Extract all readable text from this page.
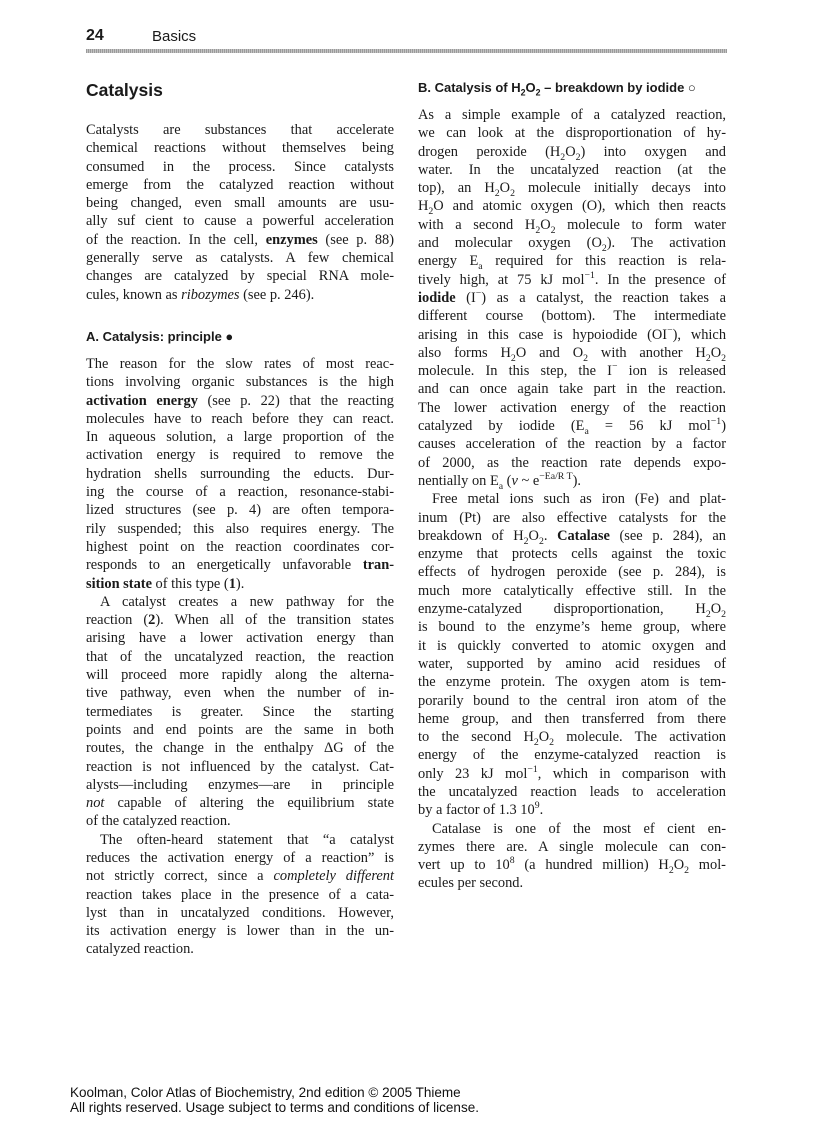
24	Basics
Catalysis
Catalysts are substances that accelerate
chemical reactions without themselves being
consumed in the process. Since catalysts
emerge from the catalyzed reaction without
being changed, even small amounts are usu-
ally suf cient to cause a powerful acceleration
of the reaction. In the cell, enzymes (see p. 88)
generally serve as catalysts. A few chemical
changes are catalyzed by special RNA mole-
cules, known as ribozymes (see p. 246).
A. Catalysis: principle ●
The reason for the slow rates of most reac-
tions involving organic substances is the high
activation energy (see p. 22) that the reacting
molecules have to reach before they can react.
In aqueous solution, a large proportion of the
activation energy is required to remove the
hydration shells surrounding the educts. Dur-
ing the course of a reaction, resonance-stabi-
lized structures (see p. 4) are often tempora-
rily suspended; this also requires energy. The
highest point on the reaction coordinates cor-
responds to an energetically unfavorable tran-
sition state of this type (1).
A catalyst creates a new pathway for the
reaction (2). When all of the transition states
arising have a lower activation energy than
that of the uncatalyzed reaction, the reaction
will proceed more rapidly along the alterna-
tive pathway, even when the number of in-
termediates is greater. Since the starting
points and end points are the same in both
routes, the change in the enthalpy ΔG of the
reaction is not influenced by the catalyst. Cat-
alysts—including enzymes—are in principle
not capable of altering the equilibrium state
of the catalyzed reaction.
The often-heard statement that “a catalyst
reduces the activation energy of a reaction” is
not strictly correct, since a completely different
reaction takes place in the presence of a cata-
lyst than in uncatalyzed conditions. However,
its activation energy is lower than in the un-
catalyzed reaction.
B. Catalysis of $H_2O_2$ – breakdown by iodide ○
As a simple example of a catalyzed reaction,
we can look at the disproportionation of hy-
drogen peroxide $(H_2O_2)$ into oxygen and
water. In the uncatalyzed reaction (at the
top), an $H_2O_2$ molecule initially decays into
$H_2O$ and atomic oxygen (O), which then reacts
with a second $H_2O_2$ molecule to form water
and molecular oxygen $(O_2)$. The activation
energy $E_a$ required for this reaction is rela-
tively high, at 75 kJ mol$^{-1}$. In the presence of
iodide (I−) as a catalyst, the reaction takes a
different course (bottom). The intermediate
arising in this case is hypoiodide (OI−), which
also forms $H_2O$ and $O_2$ with another $H_2O_2$
molecule. In this step, the I− ion is released
and can once again take part in the reaction.
The lower activation energy of the reaction
catalyzed by iodide ($E_a = 56$ kJ mol$^{-1}$)
causes acceleration of the reaction by a factor
of 2000, as the reaction rate depends expo-
nentially on $E_a$ (v ~ $e^{-Ea/R T}$).
Free metal ions such as iron (Fe) and plat-
inum (Pt) are also effective catalysts for the
breakdown of $H_2O_2$. Catalase (see p. 284), an
enzyme that protects cells against the toxic
effects of hydrogen peroxide (see p. 284), is
much more catalytically effective still. In the
enzyme-catalyzed disproportionation, $H_2O_2$
is bound to the enzyme’s heme group, where
it is quickly converted to atomic oxygen and
water, supported by amino acid residues of
the enzyme protein. The oxygen atom is tem-
porarily bound to the central iron atom of the
heme group, and then transferred from there
to the second $H_2O_2$ molecule. The activation
energy of the enzyme-catalyzed reaction is
only 23 kJ mol$^{-1}$, which in comparison with
the uncatalyzed reaction leads to acceleration
by a factor of 1.3 $10^9$.
Catalase is one of the most ef cient en-
zymes there are. A single molecule can con-
vert up to $10^8$ (a hundred million) $H_2O_2$ mol-
ecules per second.
Koolman, Color Atlas of Biochemistry, 2nd edition © 2005 Thieme
All rights reserved. Usage subject to terms and conditions of license.
